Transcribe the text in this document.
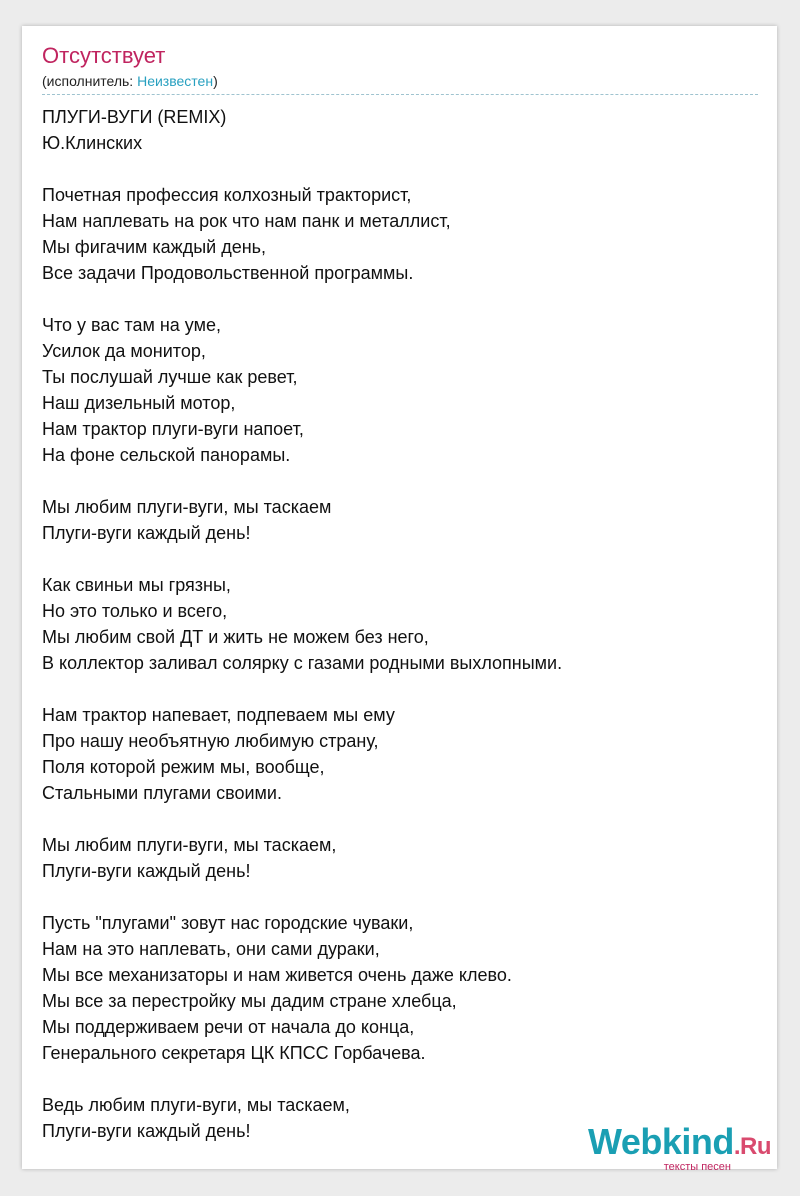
Отсутствует
(исполнитель: Неизвестен)
ПЛУГИ-ВУГИ (REMIX)
Ю.Клинских
Почетная профессия колхозный тракторист,
Нам наплевать на рок что нам панк и металлист,
Мы фигачим каждый день,
Все задачи Продовольственной программы.
Что у вас там на уме,
Усилок да монитор,
Ты послушай лучше как ревет,
Наш дизельный мотор,
Нам трактор плуги-вуги напоет,
На фоне сельской панорамы.
Мы любим плуги-вуги, мы таскаем
Плуги-вуги каждый день!
Как свиньи мы грязны,
Но это только и всего,
Мы любим свой ДТ и жить не можем без него,
В коллектор заливал солярку с газами родными выхлопными.
Нам трактор напевает, подпеваем мы ему
Про нашу необъятную любимую страну,
Поля которой режим мы, вообще,
Стальными плугами своими.
Мы любим плуги-вуги, мы таскаем,
Плуги-вуги каждый день!
Пусть "плугами" зовут нас городские чуваки,
Нам на это наплевать, они сами дураки,
Мы все механизаторы и нам живется очень даже клево.
Мы все за перестройку мы дадим стране хлебца,
Мы поддерживаем речи от начала до конца,
Генерального секретаря ЦК КПСС Горбачева.
Ведь любим плуги-вуги, мы таскаем,
Плуги-вуги каждый день!	Webkind.Ru
тексты песен
